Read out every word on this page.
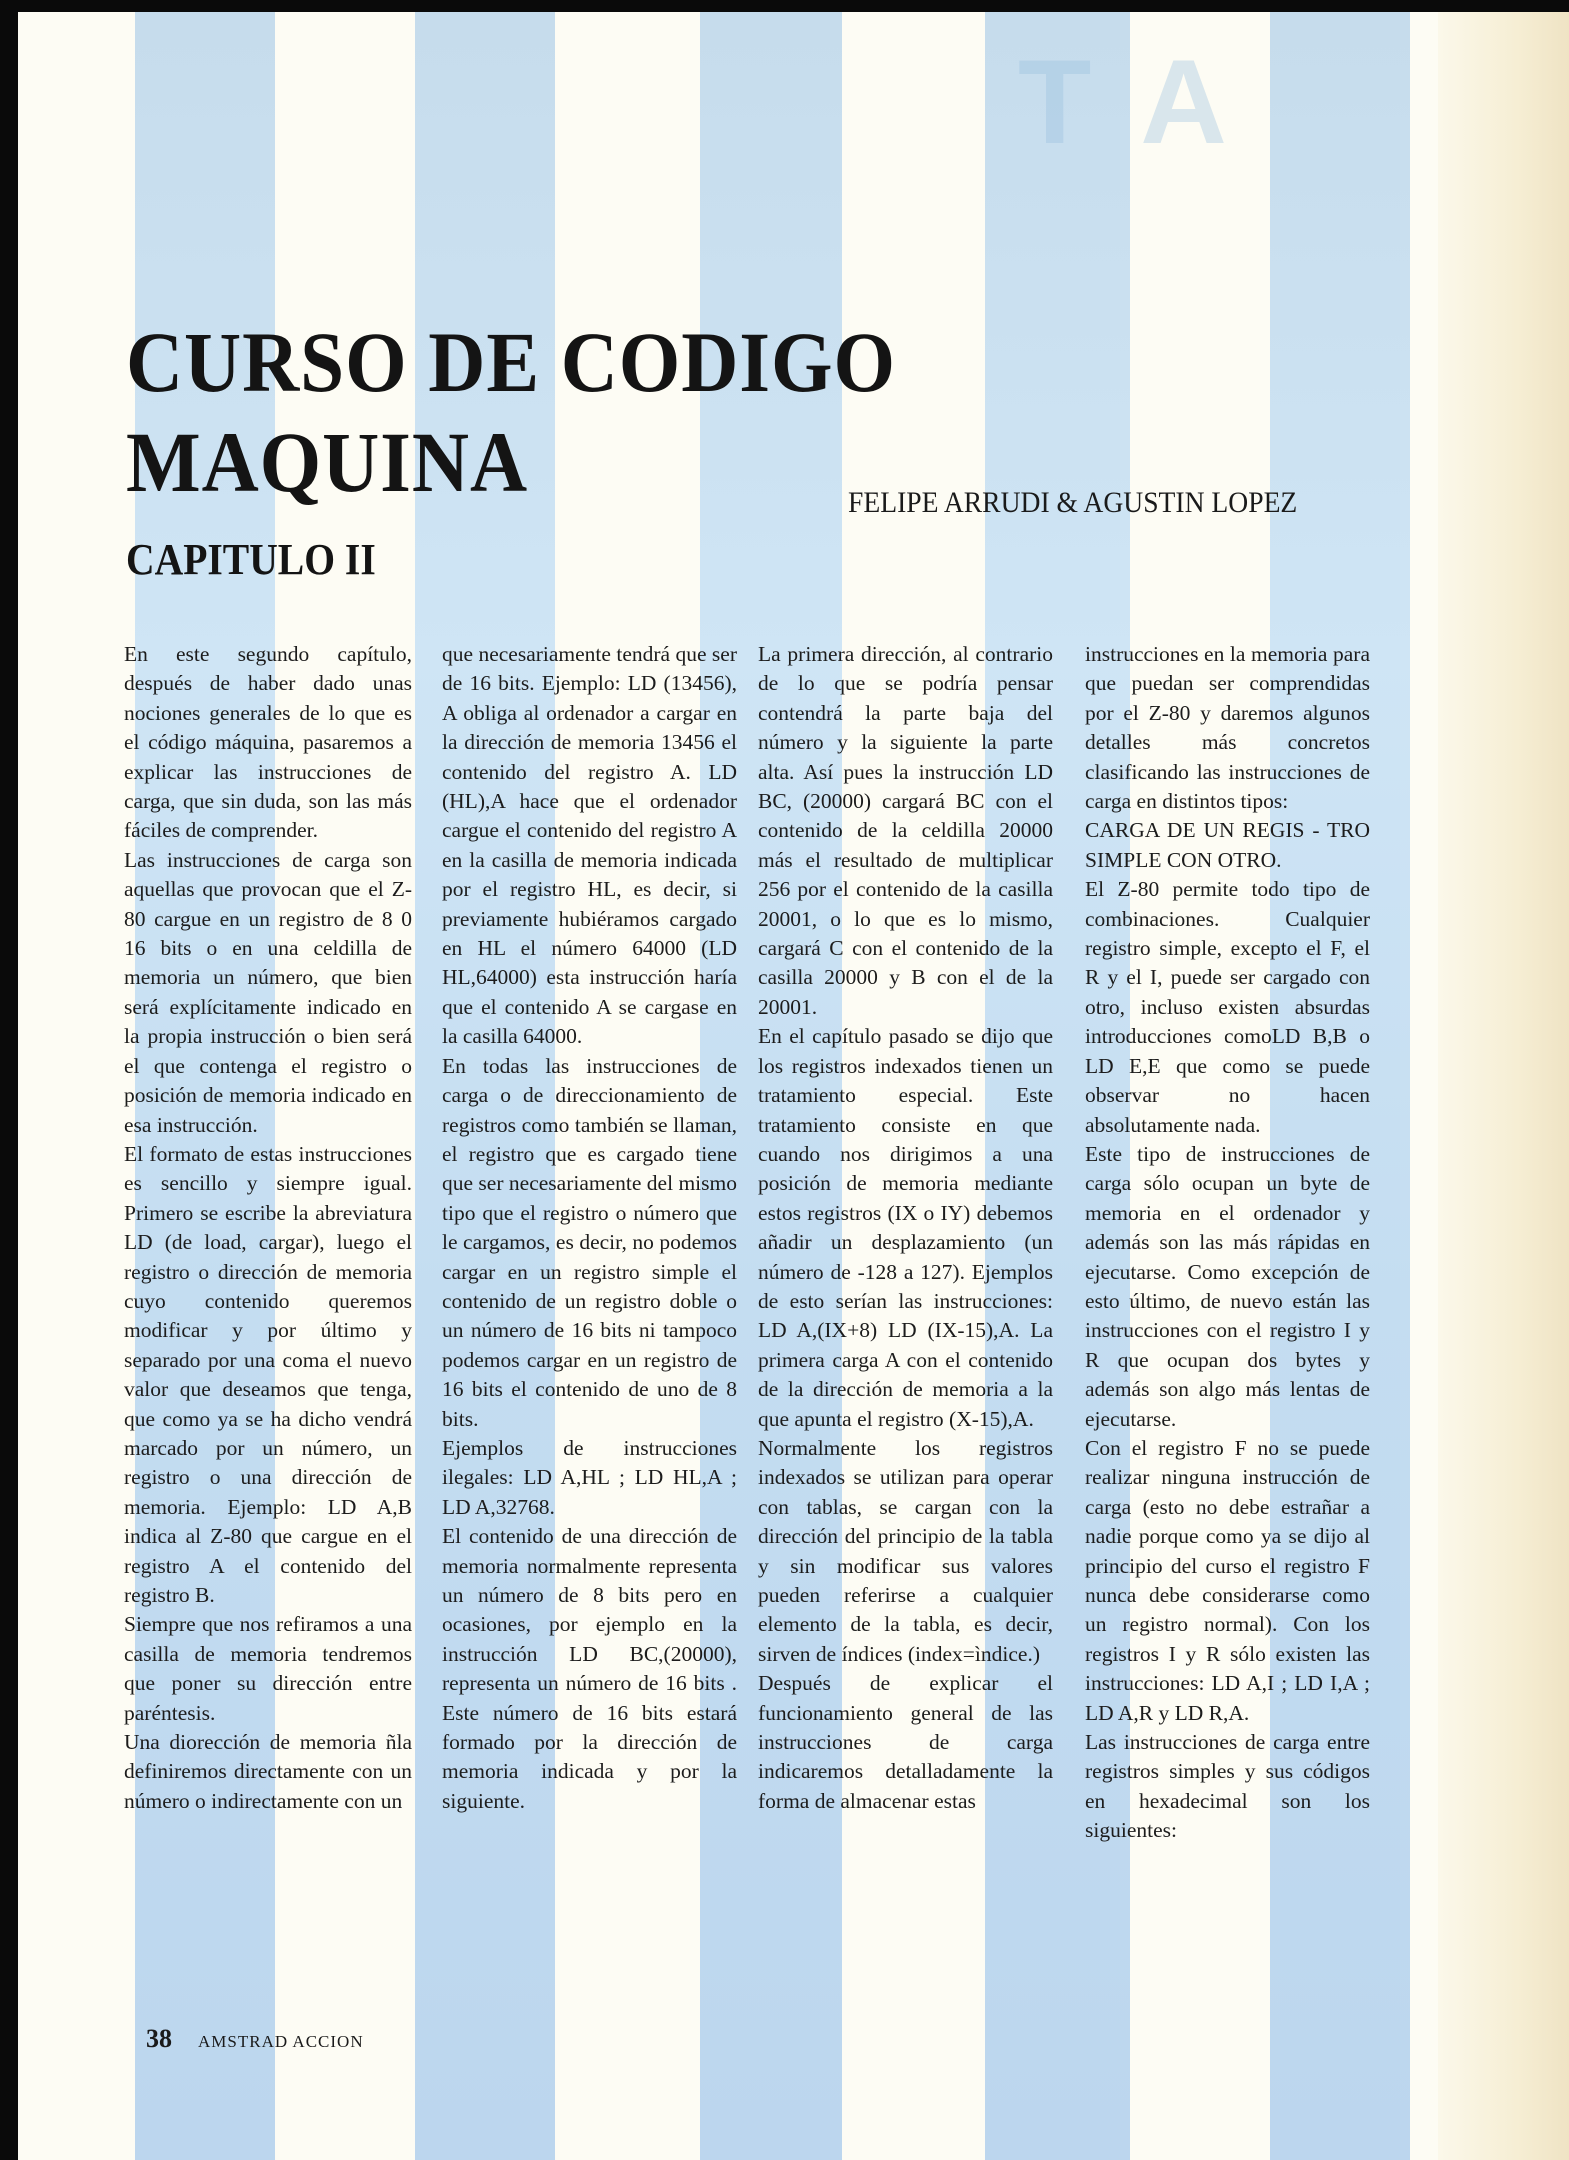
T A
CURSO DE CODIGO
MAQUINA	FELIPE ARRUDI & AGUSTIN LOPEZ
CAPITULO II

En este segundo capítulo, después de haber dado unas nociones generales de lo que es el código máquina, pasaremos a explicar las instrucciones de carga, que sin duda, son las más fáciles de comprender.

Las instrucciones de carga son aquellas que provocan que el Z-80 cargue en un registro de 8 0 16 bits o en una celdilla de memoria un número, que bien será explícitamente indicado en la propia instrucción o bien será el que contenga el registro o posición de memoria indicado en esa instrucción.

El formato de estas instrucciones es sencillo y siempre igual. Primero se escribe la abreviatura LD (de load, cargar), luego el registro o dirección de memoria cuyo contenido queremos modificar y por último y separado por una coma el nuevo valor que deseamos que tenga, que como ya se ha dicho vendrá marcado por un número, un registro o una dirección de memoria. Ejemplo: LD A,B indica al Z-80 que cargue en el registro A el contenido del registro B.

Siempre que nos refiramos a una casilla de memoria tendremos que poner su dirección entre paréntesis.

Una diorección de memoria ñla definiremos directamente con un número o indirectamente con un

que necesariamente tendrá que ser de 16 bits. Ejemplo: LD (13456), A obliga al ordenador a cargar en la dirección de memoria 13456 el contenido del registro A. LD (HL),A hace que el ordenador cargue el contenido del registro A en la casilla de memoria indicada por el registro HL, es decir, si previamente hubiéramos cargado en HL el número 64000 (LD HL,64000) esta instrucción haría que el contenido A se cargase en la casilla 64000.

En todas las instrucciones de carga o de direccionamiento de registros como también se llaman, el registro que es cargado tiene que ser necesariamente del mismo tipo que el registro o número que le cargamos, es decir, no podemos cargar en un registro simple el contenido de un registro doble o un número de 16 bits ni tampoco podemos cargar en un registro de 16 bits el contenido de uno de 8 bits.

Ejemplos de instrucciones ilegales: LD A,HL ; LD HL,A ; LD A,32768.

El contenido de una dirección de memoria normalmente representa un número de 8 bits pero en ocasiones, por ejemplo en la instrucción LD BC,(20000), representa un número de 16 bits . Este número de 16 bits estará formado por la dirección de memoria indicada y por la siguiente.

La primera dirección, al contrario de lo que se podría pensar contendrá la parte baja del número y la siguiente la parte alta. Así pues la instrucción LD BC, (20000) cargará BC con el contenido de la celdilla 20000 más el resultado de multiplicar 256 por el contenido de la casilla 20001, o lo que es lo mismo, cargará C con el contenido de la casilla 20000 y B con el de la 20001.

En el capítulo pasado se dijo que los registros indexados tienen un tratamiento especial. Este tratamiento consiste en que cuando nos dirigimos a una posición de memoria mediante estos registros (IX o IY) debemos añadir un desplazamiento (un número de -128 a 127). Ejemplos de esto serían las instrucciones: LD A,(IX+8) LD (IX-15),A. La primera carga A con el contenido de la dirección de memoria a la que apunta el registro (X-15),A.

Normalmente los registros indexados se utilizan para operar con tablas, se cargan con la dirección del principio de la tabla y sin modificar sus valores pueden referirse a cualquier elemento de la tabla, es decir, sirven de índices (index=ìndice.)

Después de explicar el funcionamiento general de las instrucciones de carga indicaremos detalladamente la forma de almacenar estas

instrucciones en la memoria para que puedan ser comprendidas por el Z-80 y daremos algunos detalles más concretos clasificando las instrucciones de carga en distintos tipos:

CARGA DE UN REGIS - TRO SIMPLE CON OTRO.

El Z-80 permite todo tipo de combinaciones. Cualquier registro simple, excepto el F, el R y el I, puede ser cargado con otro, incluso existen absurdas introducciones comoLD B,B o LD E,E que como se puede observar no hacen absolutamente nada.

Este tipo de instrucciones de carga sólo ocupan un byte de memoria en el ordenador y además son las más rápidas en ejecutarse. Como excepción de esto último, de nuevo están las instrucciones con el registro I y R que ocupan dos bytes y además son algo más lentas de ejecutarse.

Con el registro F no se puede realizar ninguna instrucción de carga (esto no debe estrañar a nadie porque como ya se dijo al principio del curso el registro F nunca debe considerarse como un registro normal). Con los registros I y R sólo existen las instrucciones: LD A,I ; LD I,A ; LD A,R y LD R,A.

Las instrucciones de carga entre registros simples y sus códigos en hexadecimal son los siguientes:

38 AMSTRAD ACCION
